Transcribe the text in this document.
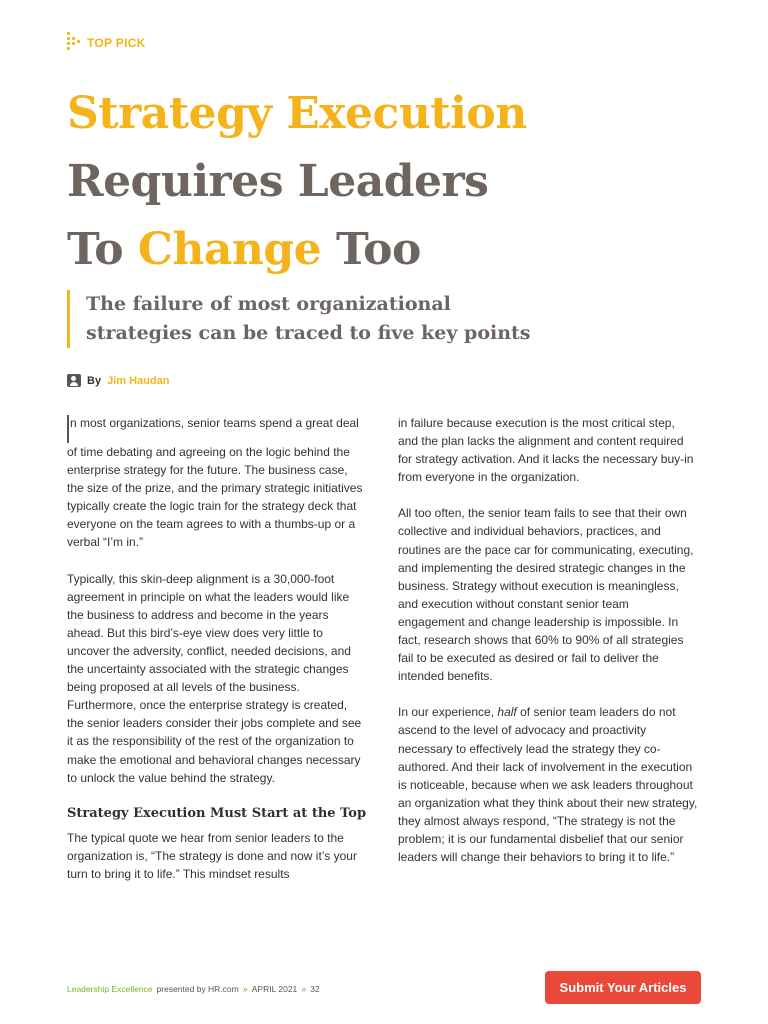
TOP PICK
Strategy Execution
Requires Leaders
To Change Too
The failure of most organizational
strategies can be traced to five key points
By Jim Haudan

n most organizations, senior teams spend a great deal of time debating and agreeing on the logic behind the enterprise strategy for the future. The business case, the size of the prize, and the primary strategic initiatives typically create the logic train for the strategy deck that everyone on the team agrees to with a thumbs-up or a verbal “I’m in.”

Typically, this skin-deep alignment is a 30,000-foot agreement in principle on what the leaders would like the business to address and become in the years ahead. But this bird’s-eye view does very little to uncover the adversity, conflict, needed decisions, and the uncertainty associated with the strategic changes being proposed at all levels of the business. Furthermore, once the enterprise strategy is created, the senior leaders consider their jobs complete and see it as the responsibility of the rest of the organization to make the emotional and behavioral changes necessary to unlock the value behind the strategy.

Strategy Execution Must Start at the Top

The typical quote we hear from senior leaders to the organization is, “The strategy is done and now it’s your turn to bring it to life.” This mindset results

in failure because execution is the most critical step, and the plan lacks the alignment and content required for strategy activation. And it lacks the necessary buy-in from everyone in the organization.

All too often, the senior team fails to see that their own collective and individual behaviors, practices, and routines are the pace car for communicating, executing, and implementing the desired strategic changes in the business. Strategy without execution is meaningless, and execution without constant senior team engagement and change leadership is impossible. In fact, research shows that 60% to 90% of all strategies fail to be executed as desired or fail to deliver the intended benefits.

In our experience, half of senior team leaders do not ascend to the level of advocacy and proactivity necessary to effectively lead the strategy they co-authored. And their lack of involvement in the execution is noticeable, because when we ask leaders throughout an organization what they think about their new strategy, they almost always respond, “The strategy is not the problem; it is our fundamental disbelief that our senior leaders will change their behaviors to bring it to life.”

Leadership Excellence presented by HR.com » APRIL 2021 » 32	Submit Your Articles
